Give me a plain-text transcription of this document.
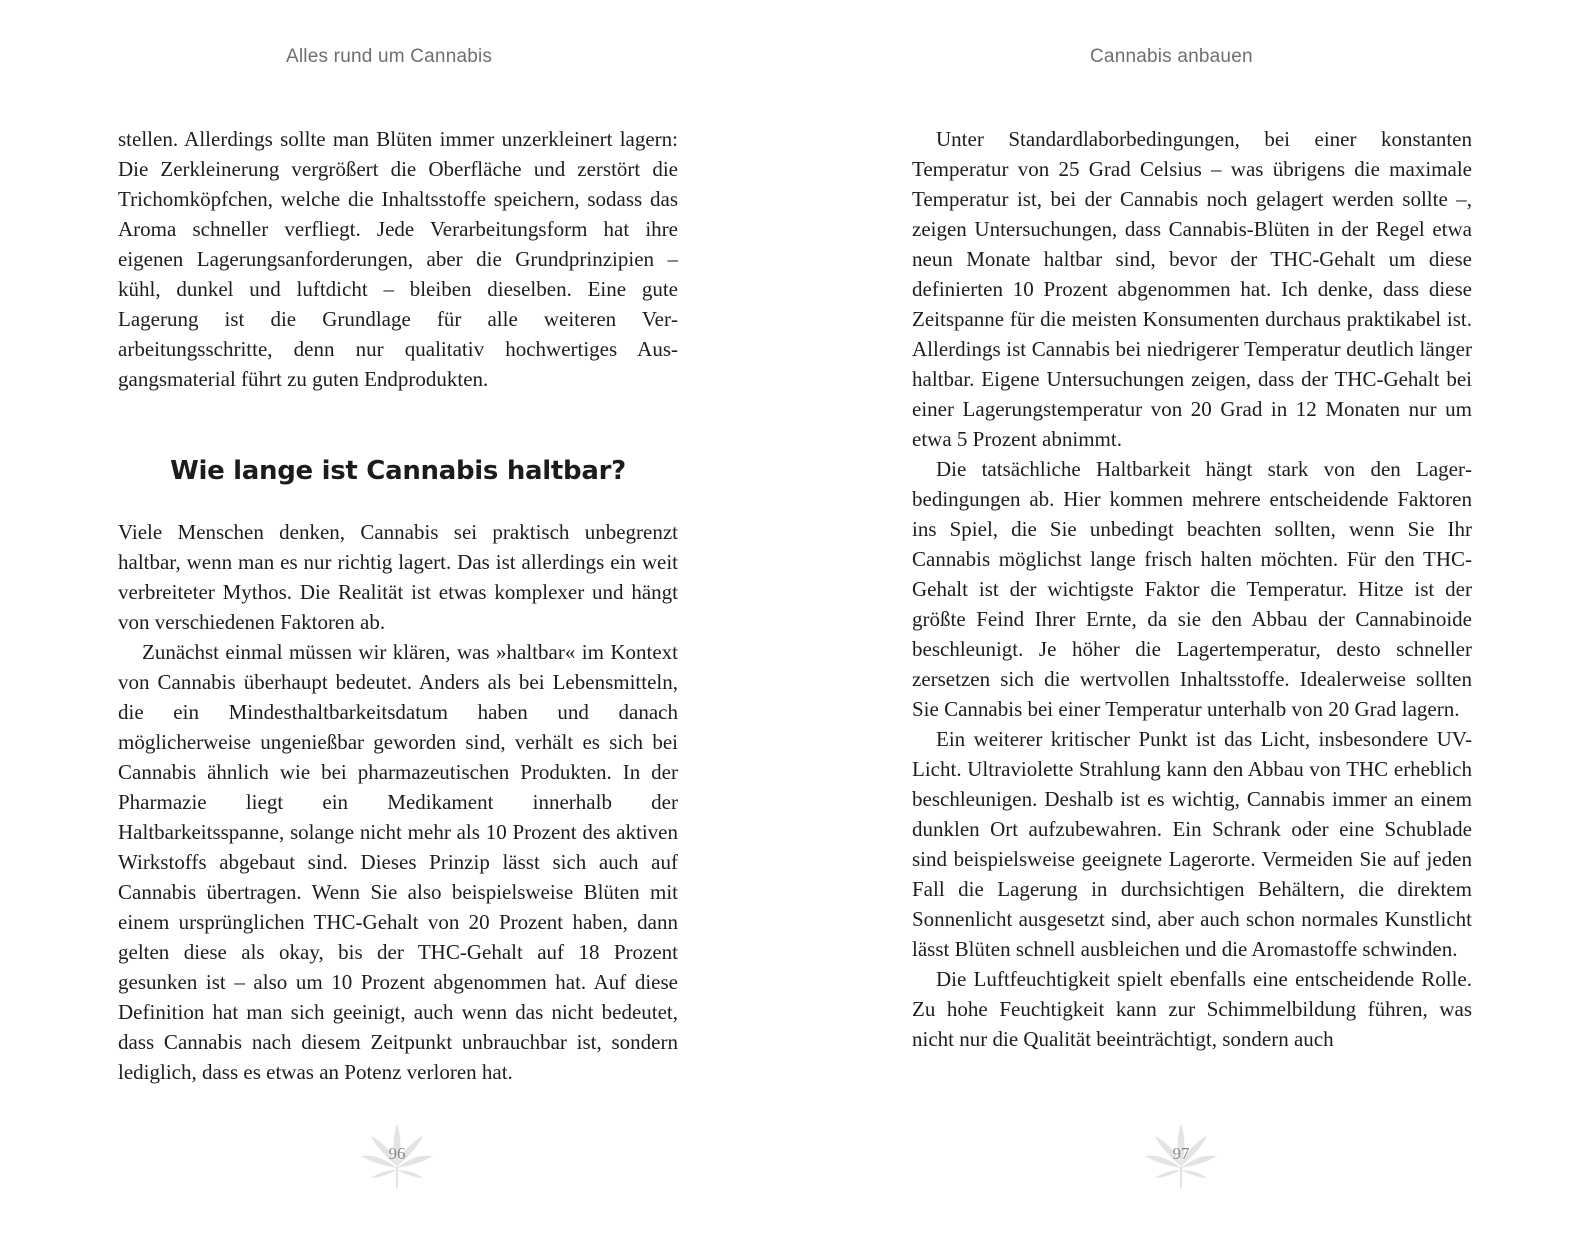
Alles rund um Cannabis

stellen. Allerdings sollte man Blüten immer unzerkleinert lagern: Die Zerkleinerung vergrößert die Oberfläche und zerstört die Trichomköpfchen, welche die Inhaltsstoffe speichern, sodass das Aroma schneller verfliegt. Jede Verarbeitungsform hat ihre eigenen Lagerungsanforderungen, aber die Grundprinzipien – kühl, dunkel und luftdicht – bleiben dieselben. Eine gute Lagerung ist die Grundlage für alle weiteren Verarbeitungsschritte, denn nur qualitativ hochwertiges Ausgangsmaterial führt zu guten Endprodukten.

Wie lange ist Cannabis haltbar?

Viele Menschen denken, Cannabis sei praktisch unbegrenzt haltbar, wenn man es nur richtig lagert. Das ist allerdings ein weit verbreiteter Mythos. Die Realität ist etwas komplexer und hängt von verschiedenen Faktoren ab.

Zunächst einmal müssen wir klären, was »haltbar« im Kontext von Cannabis überhaupt bedeutet. Anders als bei Lebensmitteln, die ein Mindesthaltbarkeitsdatum haben und danach möglicherweise ungenießbar geworden sind, verhält es sich bei Cannabis ähnlich wie bei pharmazeutischen Produkten. In der Pharmazie liegt ein Medikament innerhalb der Haltbarkeitsspanne, solange nicht mehr als 10 Prozent des aktiven Wirkstoffs abgebaut sind. Dieses Prinzip lässt sich auch auf Cannabis übertragen. Wenn Sie also beispielsweise Blüten mit einem ursprünglichen THC-Gehalt von 20 Prozent haben, dann gelten diese als okay, bis der THC-Gehalt auf 18 Prozent gesunken ist – also um 10 Prozent abgenommen hat. Auf diese Definition hat man sich geeinigt, auch wenn das nicht bedeutet, dass Cannabis nach diesem Zeitpunkt unbrauchbar ist, sondern lediglich, dass es etwas an Potenz verloren hat.

96
Cannabis anbauen

Unter Standardlaborbedingungen, bei einer konstanten Temperatur von 25 Grad Celsius – was übrigens die maximale Temperatur ist, bei der Cannabis noch gelagert werden sollte –, zeigen Untersuchungen, dass Cannabis-Blüten in der Regel etwa neun Monate haltbar sind, bevor der THC-Gehalt um diese definierten 10 Prozent abgenommen hat. Ich denke, dass diese Zeitspanne für die meisten Konsumenten durchaus praktikabel ist. Allerdings ist Cannabis bei niedrigerer Temperatur deutlich länger haltbar. Eigene Untersuchungen zeigen, dass der THC-Gehalt bei einer Lagerungstemperatur von 20 Grad in 12 Monaten nur um etwa 5 Prozent abnimmt.

Die tatsächliche Haltbarkeit hängt stark von den Lagerbedingungen ab. Hier kommen mehrere entscheidende Faktoren ins Spiel, die Sie unbedingt beachten sollten, wenn Sie Ihr Cannabis möglichst lange frisch halten möchten. Für den THC-Gehalt ist der wichtigste Faktor die Temperatur. Hitze ist der größte Feind Ihrer Ernte, da sie den Abbau der Cannabinoide beschleunigt. Je höher die Lagertemperatur, desto schneller zersetzen sich die wertvollen Inhaltsstoffe. Idealerweise sollten Sie Cannabis bei einer Temperatur unterhalb von 20 Grad lagern.

Ein weiterer kritischer Punkt ist das Licht, insbesondere UV-Licht. Ultraviolette Strahlung kann den Abbau von THC erheblich beschleunigen. Deshalb ist es wichtig, Cannabis immer an einem dunklen Ort aufzubewahren. Ein Schrank oder eine Schublade sind beispielsweise geeignete Lagerorte. Vermeiden Sie auf jeden Fall die Lagerung in durchsichtigen Behältern, die direktem Sonnenlicht ausgesetzt sind, aber auch schon normales Kunstlicht lässt Blüten schnell ausbleichen und die Aromastoffe schwinden.

Die Luftfeuchtigkeit spielt ebenfalls eine entscheidende Rolle. Zu hohe Feuchtigkeit kann zur Schimmelbildung führen, was nicht nur die Qualität beeinträchtigt, sondern auch

97
